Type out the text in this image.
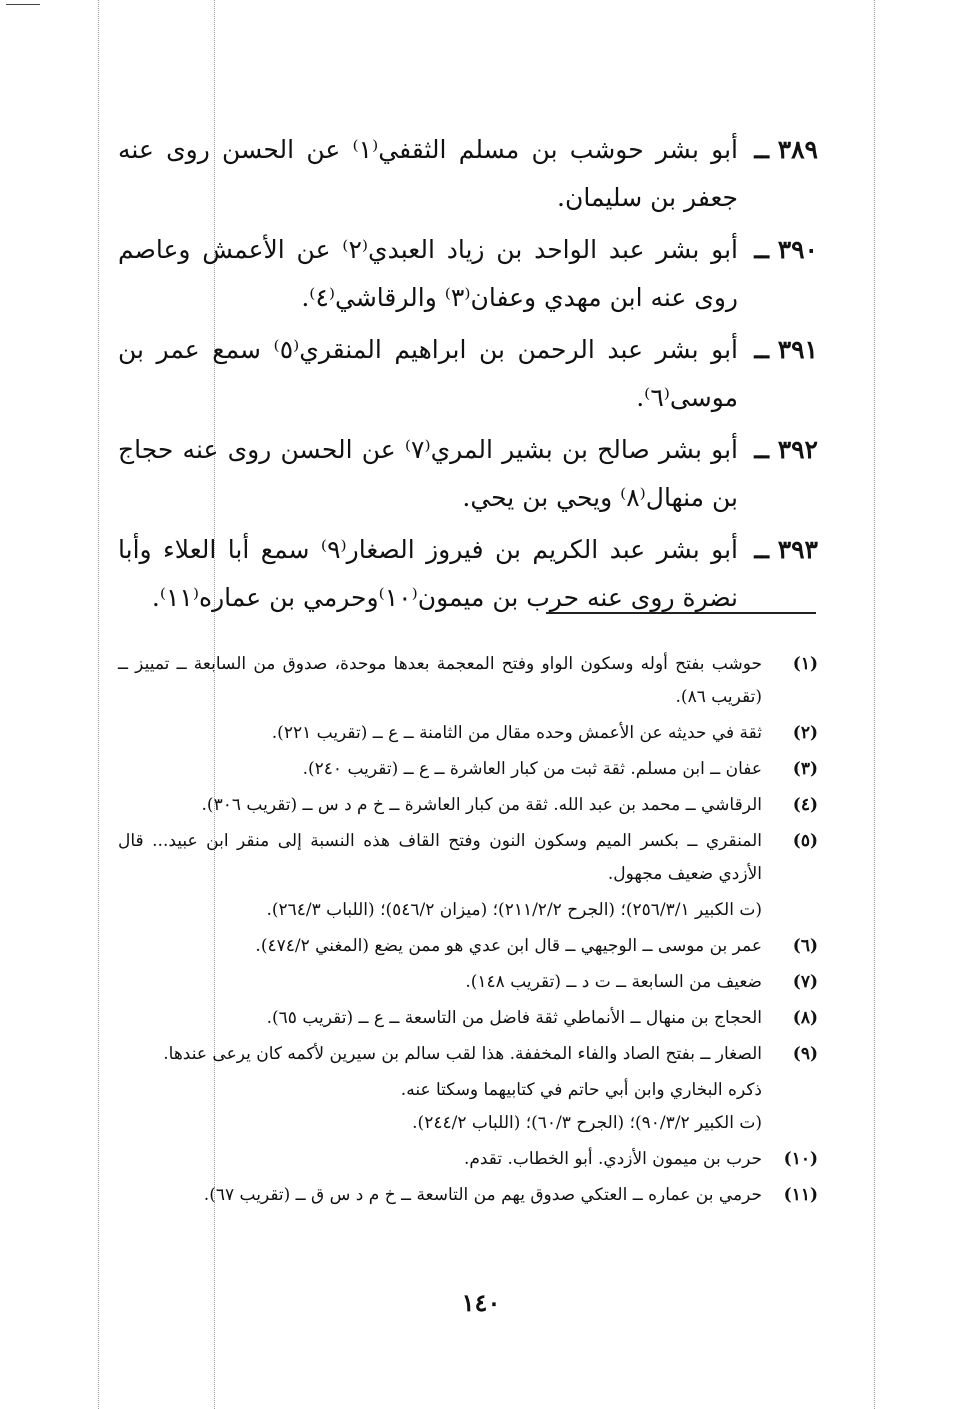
٣٨٩ ــ
أبو بشر حوشب بن مسلم الثقفي⁽١⁾ عن الحسن روى عنه جعفر بن سليمان.
٣٩٠ ــ
أبو بشر عبد الواحد بن زياد العبدي⁽٢⁾ عن الأعمش وعاصم روى عنه ابن مهدي وعفان⁽٣⁾ والرقاشي⁽٤⁾.
٣٩١ ــ
أبو بشر عبد الرحمن بن ابراهيم المنقري⁽٥⁾ سمع عمر بن موسى⁽٦⁾.
٣٩٢ ــ
أبو بشر صالح بن بشير المري⁽٧⁾ عن الحسن روى عنه حجاج بن منهال⁽٨⁾ ويحي بن يحي.
٣٩٣ ــ
أبو بشر عبد الكريم بن فيروز الصغار⁽٩⁾ سمع أبا العلاء وأبا نضرة روى عنه حرب بن ميمون⁽١٠⁾وحرمي بن عماره⁽١١⁾.
(١)
حوشب بفتح أوله وسكون الواو وفتح المعجمة بعدها موحدة، صدوق من السابعة ــ تمييز ــ (تقريب ٨٦).
(٢)
ثقة في حديثه عن الأعمش وحده مقال من الثامنة ــ ع ــ (تقريب ٢٢١).
(٣)
عفان ــ ابن مسلم. ثقة ثبت من كبار العاشرة ــ ع ــ (تقريب ٢٤٠).
(٤)
الرقاشي ــ محمد بن عبد الله. ثقة من كبار العاشرة ــ خ م د س ــ (تقريب ٣٠٦).
(٥)
المنقري ــ بكسر الميم وسكون النون وفتح القاف هذه النسبة إلى منقر ابن عبيد... قال الأزدي ضعيف مجهول.
(ت الكبير ٢٥٦/٣/١)؛ (الجرح ٢١١/٢/٢)؛ (ميزان ٥٤٦/٢)؛ (اللباب ٢٦٤/٣).
(٦)
عمر بن موسى ــ الوجيهي ــ قال ابن عدي هو ممن يضع (المغني ٤٧٤/٢).
(٧)
ضعيف من السابعة ــ ت د ــ (تقريب ١٤٨).
(٨)
الحجاج بن منهال ــ الأنماطي ثقة فاضل من التاسعة ــ ع ــ (تقريب ٦٥).
(٩)
الصغار ــ بفتح الصاد والفاء المخففة. هذا لقب سالم بن سيرين لأكمه كان يرعى عندها.
ذكره البخاري وابن أبي حاتم في كتابيهما وسكتا عنه.
(ت الكبير ٩٠/٣/٢)؛ (الجرح ٦٠/٣)؛ (اللباب ٢٤٤/٢).
(١٠)
حرب بن ميمون الأزدي. أبو الخطاب. تقدم.
(١١)
حرمي بن عماره ــ العتكي صدوق يهم من التاسعة ــ خ م د س ق ــ (تقريب ٦٧).
١٤٠
